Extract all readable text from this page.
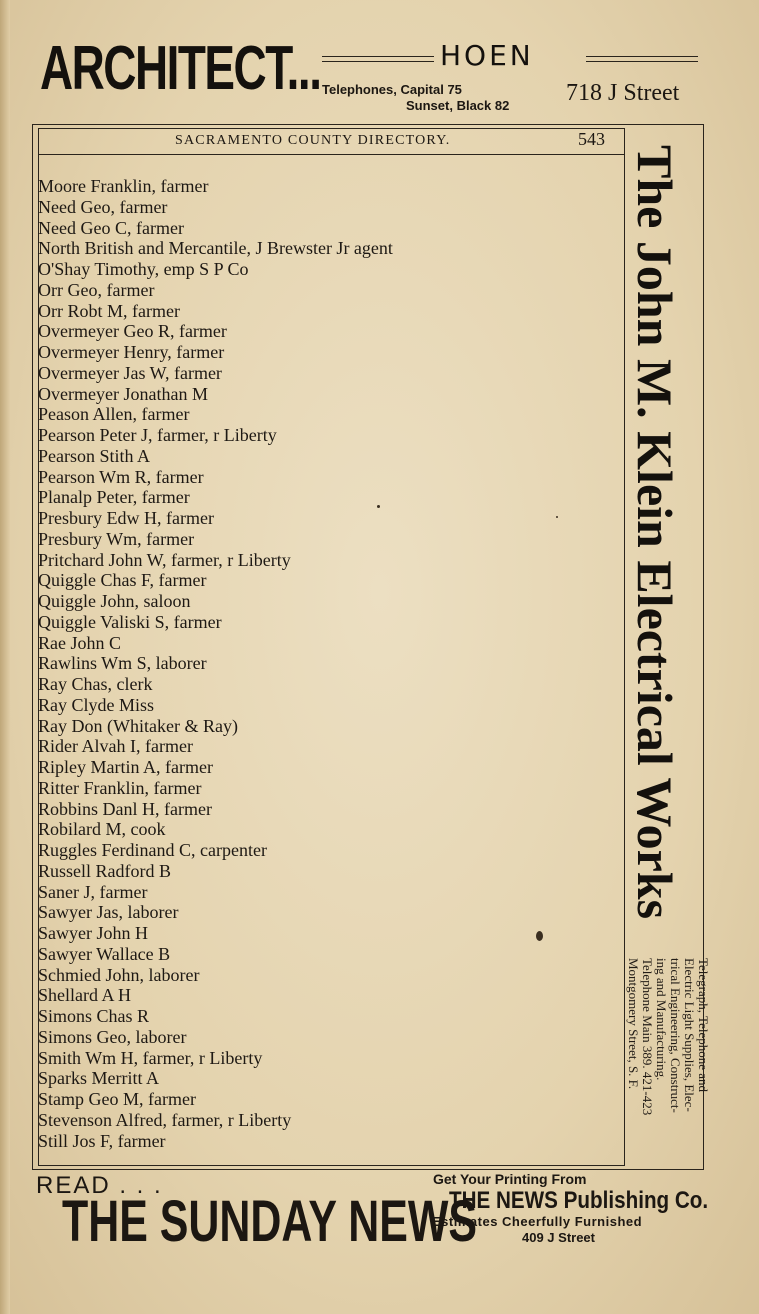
ARCHITECT...	HOEN
Telephones, Capital 75
Sunset, Black 82 718 J Street
SACRAMENTO COUNTY DIRECTORY.	543
Moore Franklin, farmer
Need Geo, farmer
Need Geo C, farmer
North British and Mercantile, J Brewster Jr agent
O'Shay Timothy, emp S P Co
Orr Geo, farmer
Orr Robt M, farmer
Overmeyer Geo R, farmer
Overmeyer Henry, farmer
Overmeyer Jas W, farmer
Overmeyer Jonathan M
Peason Allen, farmer
Pearson Peter J, farmer, r Liberty
Pearson Stith A
Pearson Wm R, farmer
Planalp Peter, farmer
Presbury Edw H, farmer
Presbury Wm, farmer
Pritchard John W, farmer, r Liberty
Quiggle Chas F, farmer
Quiggle John, saloon
Quiggle Valiski S, farmer
Rae John C
Rawlins Wm S, laborer
Ray Chas, clerk
Ray Clyde Miss
Ray Don (Whitaker & Ray)
Rider Alvah I, farmer
Ripley Martin A, farmer
Ritter Franklin, farmer
Robbins Danl H, farmer
Robilard M, cook
Ruggles Ferdinand C, carpenter
Russell Radford B
Saner J, farmer
Sawyer Jas, laborer
Sawyer John H
Sawyer Wallace B
Schmied John, laborer
Shellard A H
Simons Chas R
Simons Geo, laborer
Smith Wm H, farmer, r Liberty
Sparks Merritt A
Stamp Geo M, farmer
Stevenson Alfred, farmer, r Liberty
Still Jos F, farmer
The John M. Klein Electrical Works
Telegraph, Telephone and
Electric Light Supplies, Elec-
trical Engineering, Construct-
ing and Manufacturing.
Telephone Main 389. 421-423
Montgomery Street, S. F.
READ . . .
THE SUNDAY NEWS
Get Your Printing From
THE NEWS Publishing Co.
Estimates Cheerfully Furnished
409 J Street
